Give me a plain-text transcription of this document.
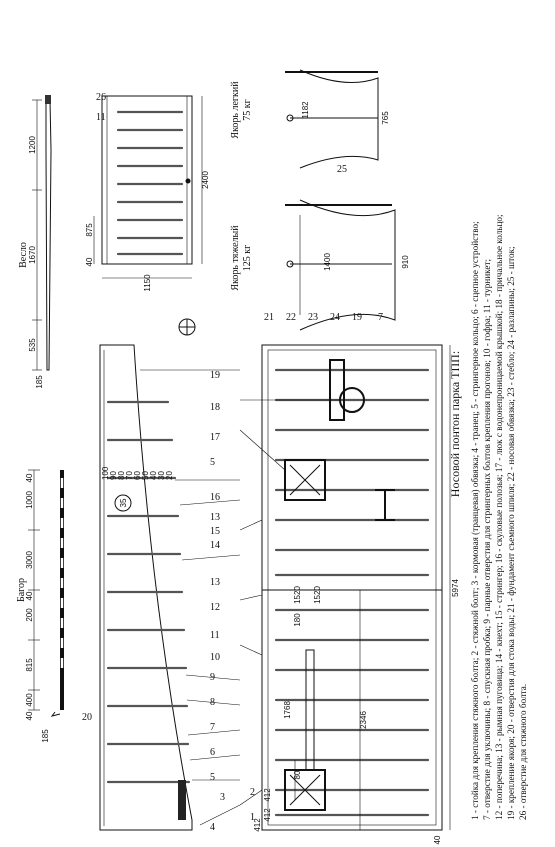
Носовой понтон парка ТПП: 1 - стойка для крепления стяжного болта; 2 - стяжной болт; 3 - кормовая (транцевая) обвязка; 4 - транец; 5 - стрингерное кольцо; 6 - сцепное устройство; 7 - отверстие для уключины; 8 - спускная пробка; 9 - парные отверстия для стрингерных болтов крепления прогонов; 10 - гофра; 11 - турникет; 12 - поперечина; 13 - рымная пуговица; 14 - кнехт; 15 - стрингер; 16 - скуловые полозья; 17 - люк с водонепроницаемой крышкой; 18 - причальное кольцо; 19 - крепление якоря; 20 - отверстия для стока воды; 21 - фундамент съемного шпиля; 22 - носовая обвязка; 23 - стебло; 24 - разлапины; 25 - шток; 26 - отверстие для стяжного болта.
Багор
1000
3000
200
815
400
185
40
40
40
Весло
1200
1670
535
185
2400
1150
875
40
26
11
Якорь тяжелый 125 кг	1400	910
Якорь легкий 75 кг	1182	765
25
35
100 90 80 70 60 50 40 30 20
5974
2346
1520 1520
180
1768
80
412
412
412
40
1
2
3
4
5
6
7
8
9
10
11
12
13
13
14
15
16
17
18
19
5
20
21 22 23	19 7
24
